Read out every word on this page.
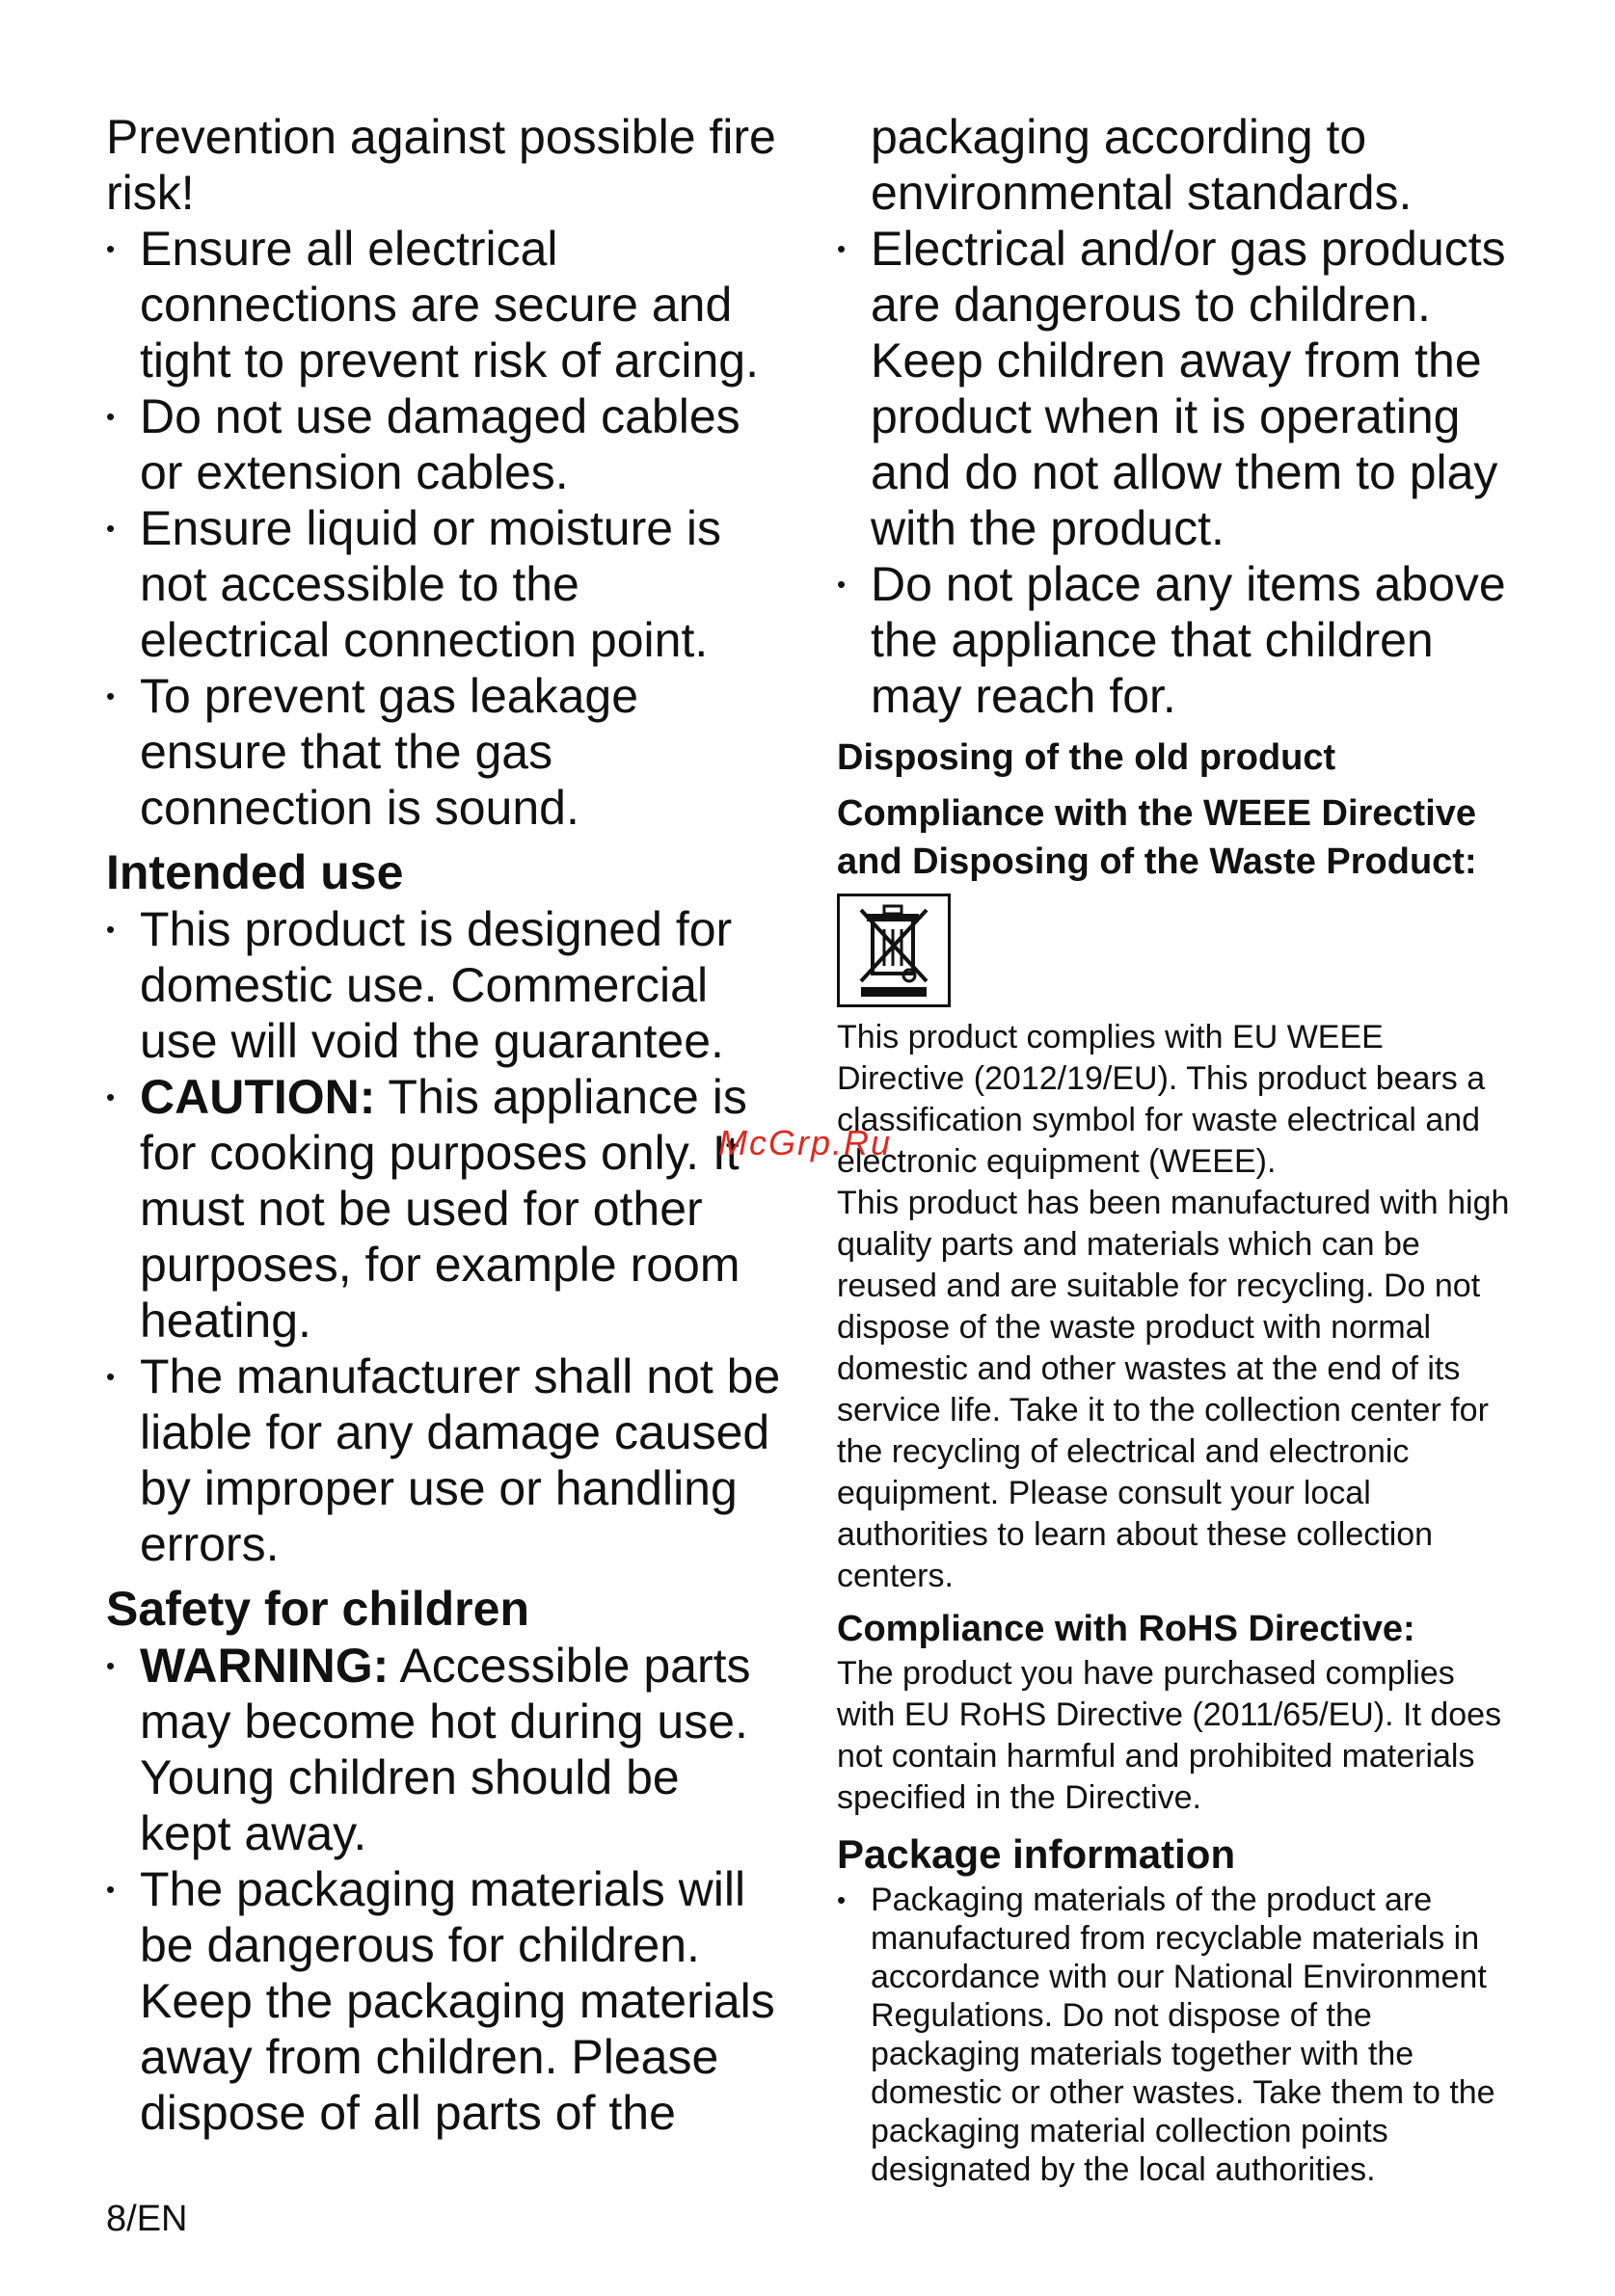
Prevention against possible fire risk!

• Ensure all electrical connections are secure and tight to prevent risk of arcing.
• Do not use damaged cables or extension cables.
• Ensure liquid or moisture is not accessible to the electrical connection point.
• To prevent gas leakage ensure that the gas connection is sound.
Intended use
• This product is designed for domestic use. Commercial use will void the guarantee.
• CAUTION: This appliance is for cooking purposes only. It must not be used for other purposes, for example room heating.
• The manufacturer shall not be liable for any damage caused by improper use or handling errors.
Safety for children
• WARNING: Accessible parts may become hot during use. Young children should be kept away.
• The packaging materials will be dangerous for children. Keep the packaging materials away from children. Please dispose of all parts of the

packaging according to environmental standards.

• Electrical and/or gas products are dangerous to children. Keep children away from the product when it is operating and do not allow them to play with the product.
• Do not place any items above the appliance that children may reach for.
Disposing of the old product
Compliance with the WEEE Directive and Disposing of the Waste Product:

This product complies with EU WEEE Directive (2012/19/EU). This product bears a classification symbol for waste electrical and electronic equipment (WEEE).

This product has been manufactured with high quality parts and materials which can be reused and are suitable for recycling. Do not dispose of the waste product with normal domestic and other wastes at the end of its service life. Take it to the collection center for the recycling of electrical and electronic equipment. Please consult your local authorities to learn about these collection centers.

Compliance with RoHS Directive:

The product you have purchased complies with EU RoHS Directive (2011/65/EU). It does not contain harmful and prohibited materials specified in the Directive.

Package information
• Packaging materials of the product are manufactured from recyclable materials in accordance with our National Environment Regulations. Do not dispose of the packaging materials together with the domestic or other wastes. Take them to the packaging material collection points designated by the local authorities.
McGrp.Ru
8/EN
